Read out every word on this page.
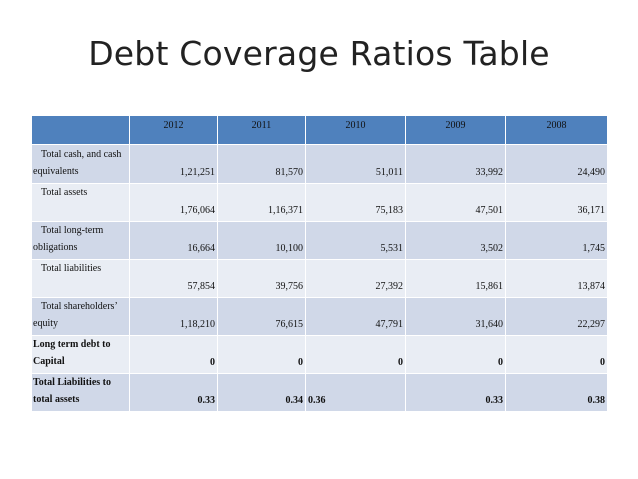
Debt Coverage Ratios Table
	2012	2011	2010	2009	2008
Total cash, and cash equivalents	1,21,251	81,570	51,011	33,992	24,490
Total assets	1,76,064	1,16,371	75,183	47,501	36,171
Total long-term obligations	16,664	10,100	5,531	3,502	1,745
Total liabilities	57,854	39,756	27,392	15,861	13,874
Total shareholders’ equity	1,18,210	76,615	47,791	31,640	22,297
Long term debt to Capital	0	0	0	0	0
Total Liabilities to total assets	0.33	0.34	0.36	0.33	0.38
